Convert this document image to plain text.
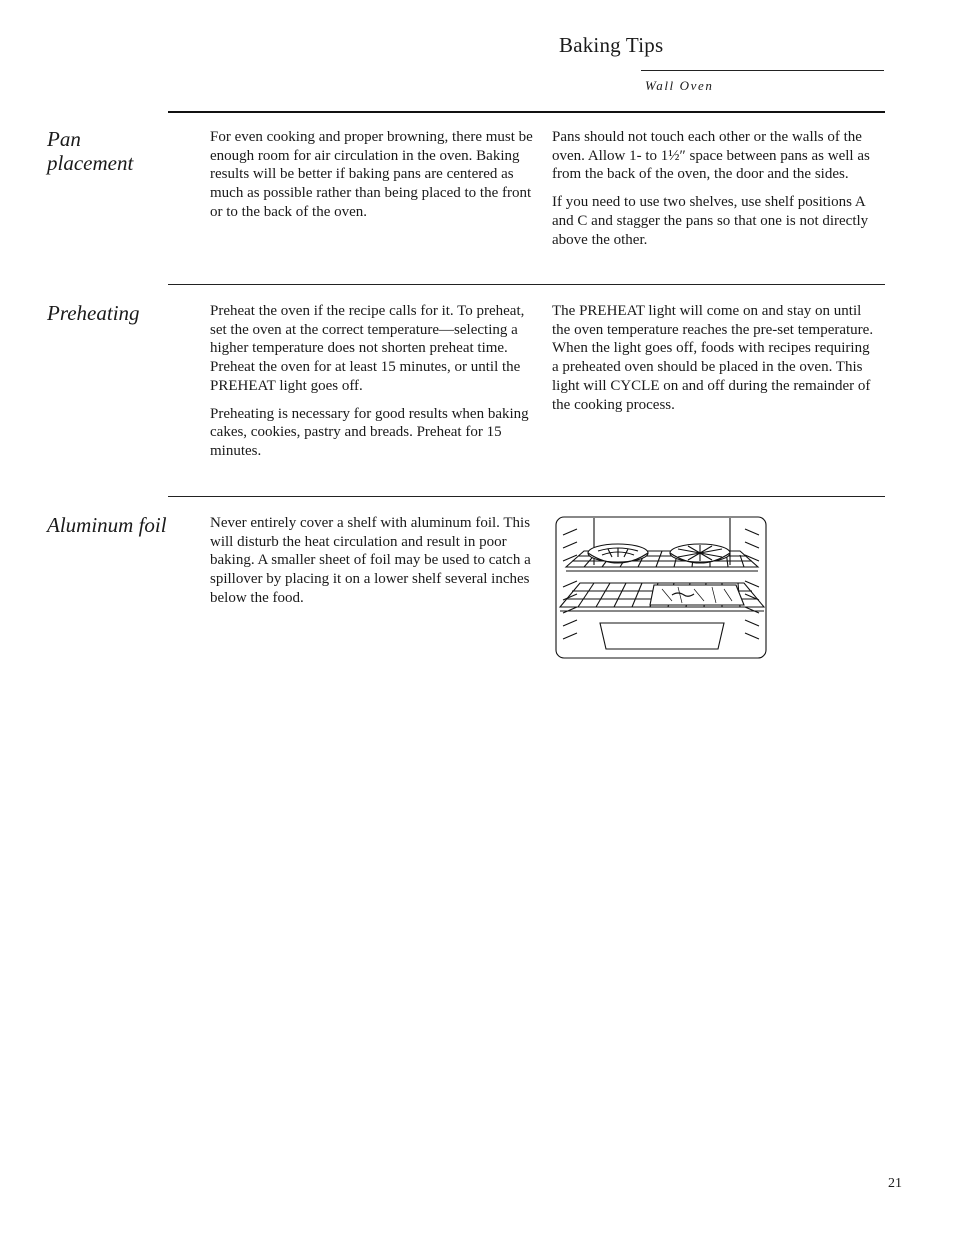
Baking Tips
Wall Oven
Pan placement

For even cooking and proper browning, there must be enough room for air circulation in the oven. Baking results will be better if baking pans are centered as much as possible rather than being placed to the front or to the back of the oven.

Pans should not touch each other or the walls of the oven. Allow 1- to 1½″ space between pans as well as from the back of the oven, the door and the sides.

If you need to use two shelves, use shelf positions A and C and stagger the pans so that one is not directly above the other.

Preheating	Preheat the oven if the recipe calls for it. To preheat, set the oven at the correct temperature—selecting a higher temperature does not shorten preheat time. Preheat the oven for at least 15 minutes, or until the PREHEAT light goes off.

Preheating is necessary for good results when baking cakes, cookies, pastry and breads. Preheat for 15 minutes.

The PREHEAT light will come on and stay on until the oven temperature reaches the pre-set temperature. When the light goes off, foods with recipes requiring a preheated oven should be placed in the oven. This light will CYCLE on and off during the remainder of the cooking process.

Aluminum foil	Never entirely cover a shelf with aluminum foil. This will disturb the heat circulation and result in poor baking. A smaller sheet of foil may be used to catch a spillover by placing it on a lower shelf several inches below the food.

21
